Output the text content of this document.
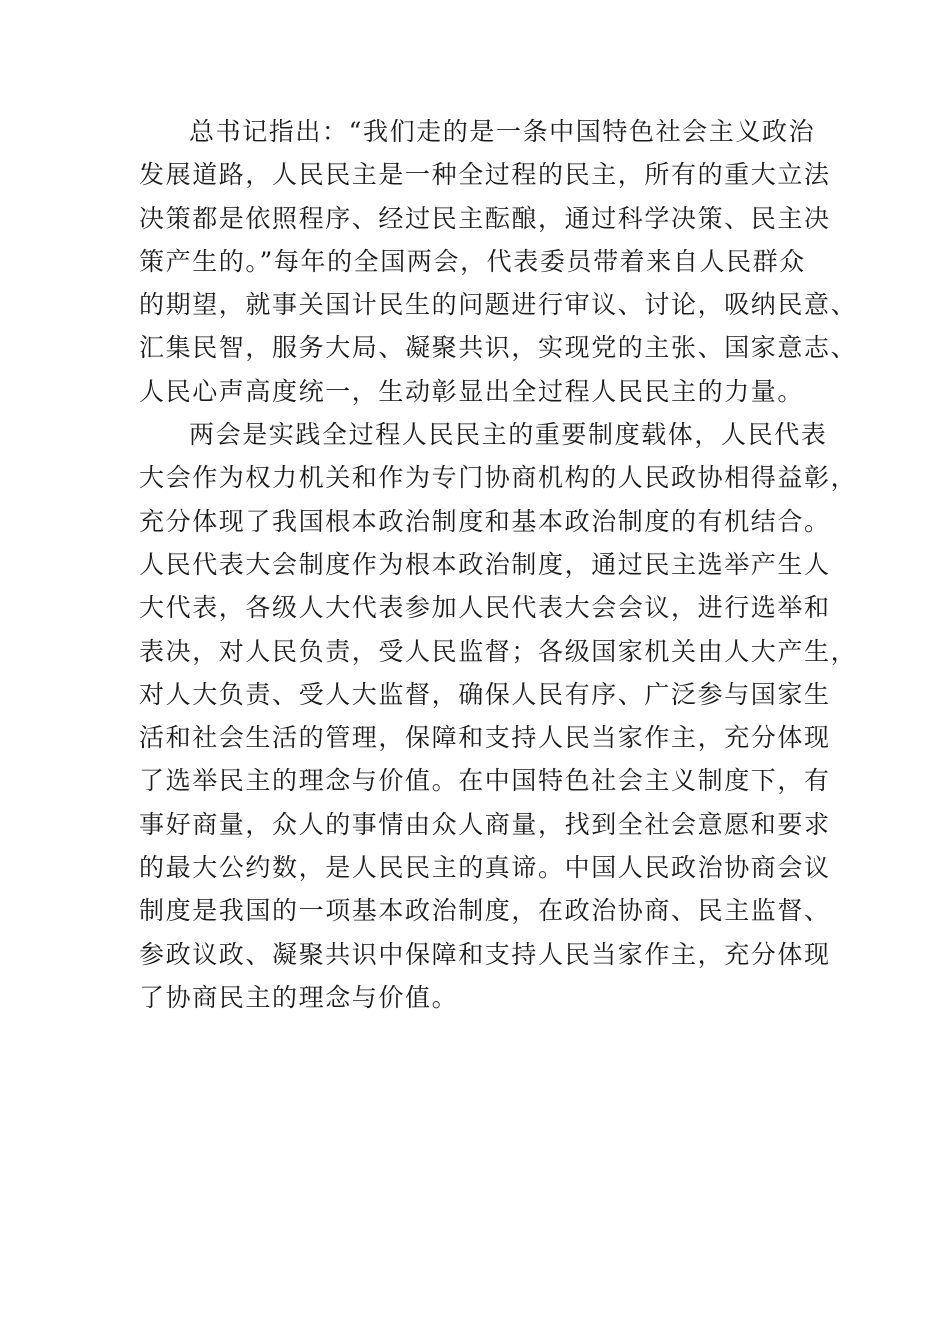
总书记指出：“我们走的是一条中国特色社会主义政治
发展道路，人民民主是一种全过程的民主，所有的重大立法
决策都是依照程序、经过民主酝酿，通过科学决策、民主决
策产生的。”每年的全国两会，代表委员带着来自人民群众
的期望，就事关国计民生的问题进行审议、讨论，吸纳民意、
汇集民智，服务大局、凝聚共识，实现党的主张、国家意志、
人民心声高度统一，生动彰显出全过程人民民主的力量。
两会是实践全过程人民民主的重要制度载体，人民代表
大会作为权力机关和作为专门协商机构的人民政协相得益彰，
充分体现了我国根本政治制度和基本政治制度的有机结合。
人民代表大会制度作为根本政治制度，通过民主选举产生人
大代表，各级人大代表参加人民代表大会会议，进行选举和
表决，对人民负责，受人民监督；各级国家机关由人大产生，
对人大负责、受人大监督，确保人民有序、广泛参与国家生
活和社会生活的管理，保障和支持人民当家作主，充分体现
了选举民主的理念与价值。在中国特色社会主义制度下，有
事好商量，众人的事情由众人商量，找到全社会意愿和要求
的最大公约数，是人民民主的真谛。中国人民政治协商会议
制度是我国的一项基本政治制度，在政治协商、民主监督、
参政议政、凝聚共识中保障和支持人民当家作主，充分体现
了协商民主的理念与价值。
